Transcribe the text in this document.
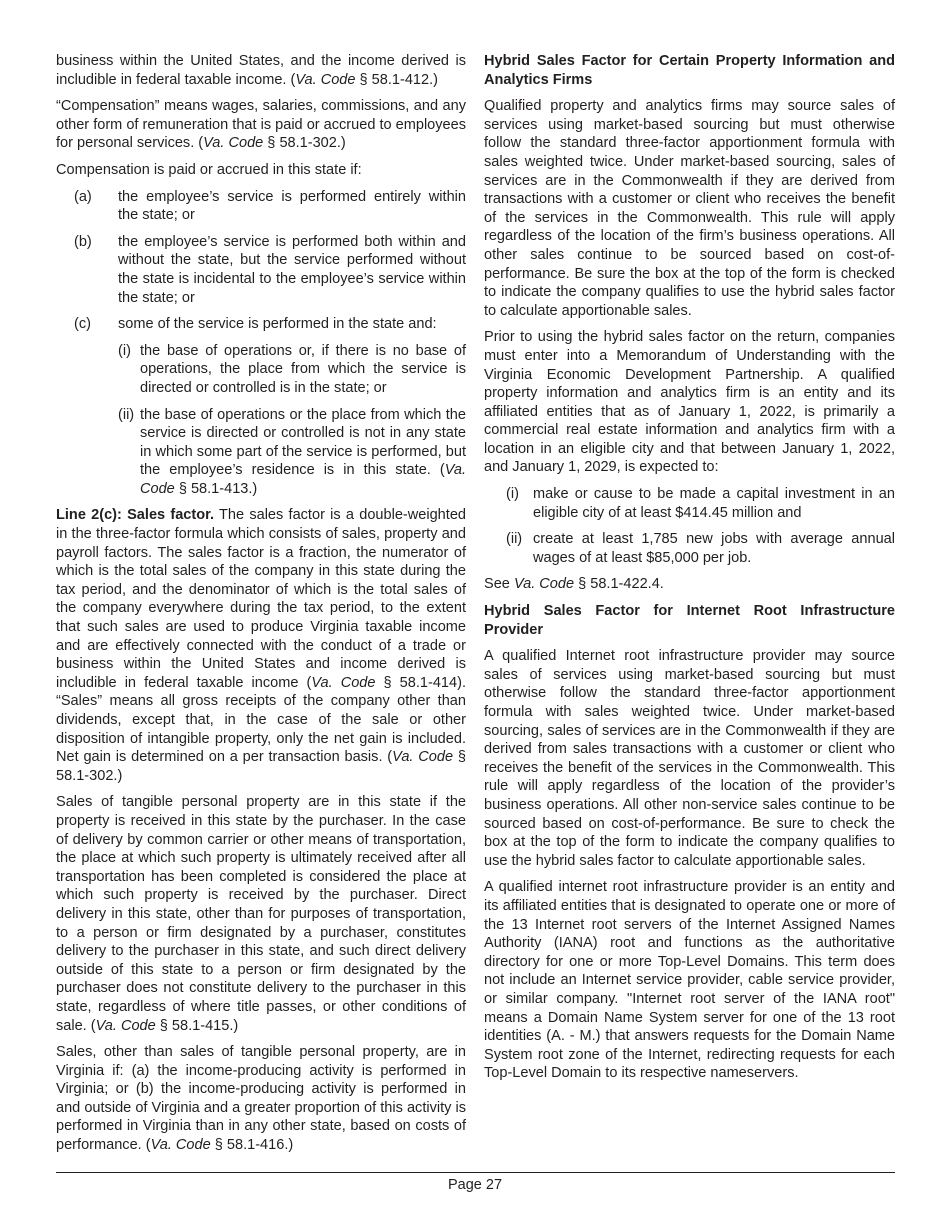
business within the United States, and the income derived is includible in federal taxable income. (Va. Code § 58.1-412.)

“Compensation” means wages, salaries, commissions, and any other form of remuneration that is paid or accrued to employees for personal services. (Va. Code § 58.1-302.)

Compensation is paid or accrued in this state if:

(a)	the employee’s service is performed entirely within the state; or
(b)	the employee’s service is performed both within and without the state, but the service performed without the state is incidental to the employee’s service within the state; or
(c)	some of the service is performed in the state and:
(i) the base of operations or, if there is no base of operations, the place from which the service is directed or controlled is in the state; or
(ii) the base of operations or the place from which the service is directed or controlled is not in any state in which some part of the service is performed, but the employee’s residence is in this state. (Va. Code § 58.1-413.)

Line 2(c): Sales factor. The sales factor is a double-weighted in the three-factor formula which consists of sales, property and payroll factors. The sales factor is a fraction, the numerator of which is the total sales of the company in this state during the tax period, and the denominator of which is the total sales of the company everywhere during the tax period, to the extent that such sales are used to produce Virginia taxable income and are effectively connected with the conduct of a trade or business within the United States and income derived is includible in federal taxable income (Va. Code § 58.1-414). “Sales” means all gross receipts of the company other than dividends, except that, in the case of the sale or other disposition of intangible property, only the net gain is included. Net gain is determined on a per transaction basis. (Va. Code § 58.1-302.)

Sales of tangible personal property are in this state if the property is received in this state by the purchaser. In the case of delivery by common carrier or other means of transportation, the place at which such property is ultimately received after all transportation has been completed is considered the place at which such property is received by the purchaser. Direct delivery in this state, other than for purposes of transportation, to a person or firm designated by a purchaser, constitutes delivery to the purchaser in this state, and such direct delivery outside of this state to a person or firm designated by the purchaser does not constitute delivery to the purchaser in this state, regardless of where title passes, or other conditions of sale. (Va. Code § 58.1-415.)

Sales, other than sales of tangible personal property, are in Virginia if: (a) the income-producing activity is performed in Virginia; or (b) the income-producing activity is performed in and outside of Virginia and a greater proportion of this activity is performed in Virginia than in any other state, based on costs of performance. (Va. Code § 58.1-416.)

Hybrid Sales Factor for Certain Property Information and Analytics Firms

Qualified property and analytics firms may source sales of services using market-based sourcing but must otherwise follow the standard three-factor apportionment formula with sales weighted twice. Under market-based sourcing, sales of services are in the Commonwealth if they are derived from transactions with a customer or client who receives the benefit of the services in the Commonwealth. This rule will apply regardless of the location of the firm’s business operations. All other sales continue to be sourced based on cost-of-performance. Be sure the box at the top of the form is checked to indicate the company qualifies to use the hybrid sales factor to calculate apportionable sales.

Prior to using the hybrid sales factor on the return, companies must enter into a Memorandum of Understanding with the Virginia Economic Development Partnership. A qualified property information and analytics firm is an entity and its affiliated entities that as of January 1, 2022, is primarily a commercial real estate information and analytics firm with a location in an eligible city and that between January 1, 2022, and January 1, 2029, is expected to:

(i) make or cause to be made a capital investment in an eligible city of at least $414.45 million and
(ii) create at least 1,785 new jobs with average annual wages of at least $85,000 per job.

See Va. Code § 58.1-422.4.

Hybrid Sales Factor for Internet Root Infrastructure Provider

A qualified Internet root infrastructure provider may source sales of services using market-based sourcing but must otherwise follow the standard three-factor apportionment formula with sales weighted twice. Under market-based sourcing, sales of services are in the Commonwealth if they are derived from sales transactions with a customer or client who receives the benefit of the services in the Commonwealth. This rule will apply regardless of the location of the provider’s business operations. All other non-service sales continue to be sourced based on cost-of-performance. Be sure to check the box at the top of the form to indicate the company qualifies to use the hybrid sales factor to calculate apportionable sales.

A qualified internet root infrastructure provider is an entity and its affiliated entities that is designated to operate one or more of the 13 Internet root servers of the Internet Assigned Names Authority (IANA) root and functions as the authoritative directory for one or more Top-Level Domains. This term does not include an Internet service provider, cable service provider, or similar company. "Internet root server of the IANA root" means a Domain Name System server for one of the 13 root identities (A. - M.) that answers requests for the Domain Name System root zone of the Internet, redirecting requests for each Top-Level Domain to its respective nameservers.

Page 27
